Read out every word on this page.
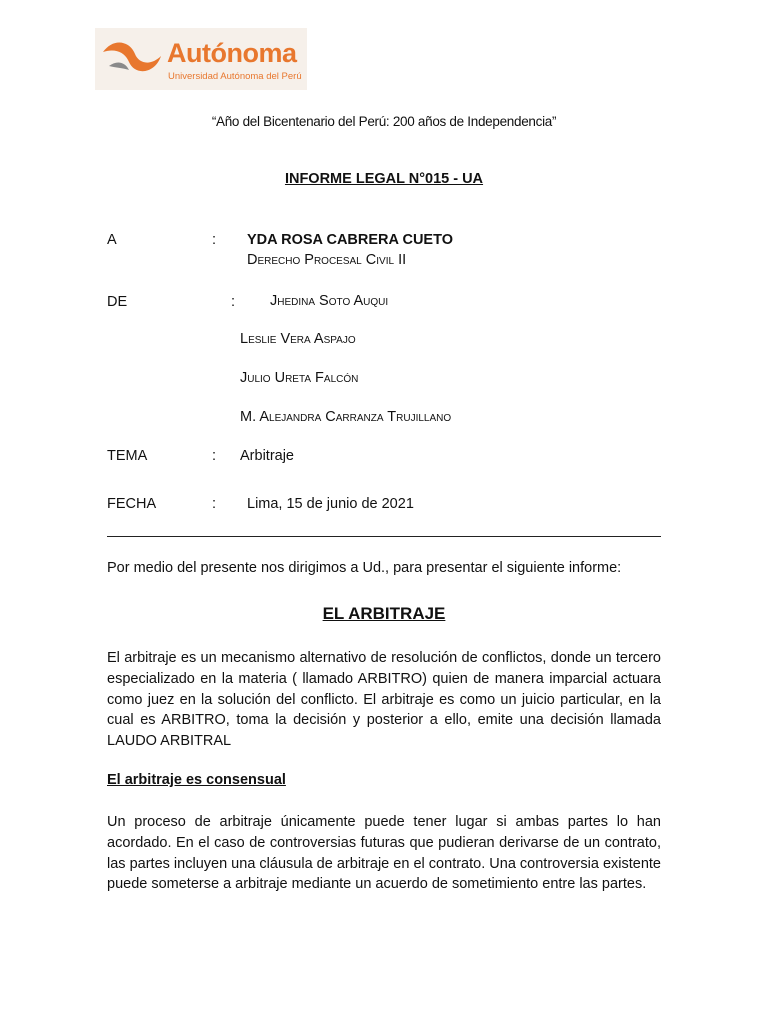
Autónoma
Universidad Autónoma del Perú
“Año del Bicentenario del Perú: 200 años de Independencia”
INFORME LEGAL N°015 - UA
A	: YDA ROSA CABRERA CUETO
Derecho Procesal Civil II
DE	: Jhedina Soto Auqui
Leslie Vera Aspajo
Julio Ureta Falcón
M. Alejandra Carranza Trujillano
TEMA	: Arbitraje
FECHA	: Lima, 15 de junio de 2021
Por medio del presente nos dirigimos a Ud., para presentar el siguiente informe:
EL ARBITRAJE

El arbitraje es un mecanismo alternativo de resolución de conflictos, donde un tercero especializado en la materia ( llamado ARBITRO) quien de manera imparcial actuara como juez en la solución del conflicto. El arbitraje es como un juicio particular, en la cual es ARBITRO, toma la decisión y posterior a ello, emite una decisión llamada LAUDO ARBITRAL

El arbitraje es consensual

Un proceso de arbitraje únicamente puede tener lugar si ambas partes lo han acordado. En el caso de controversias futuras que pudieran derivarse de un contrato, las partes incluyen una cláusula de arbitraje en el contrato. Una controversia existente puede someterse a arbitraje mediante un acuerdo de sometimiento entre las partes.
